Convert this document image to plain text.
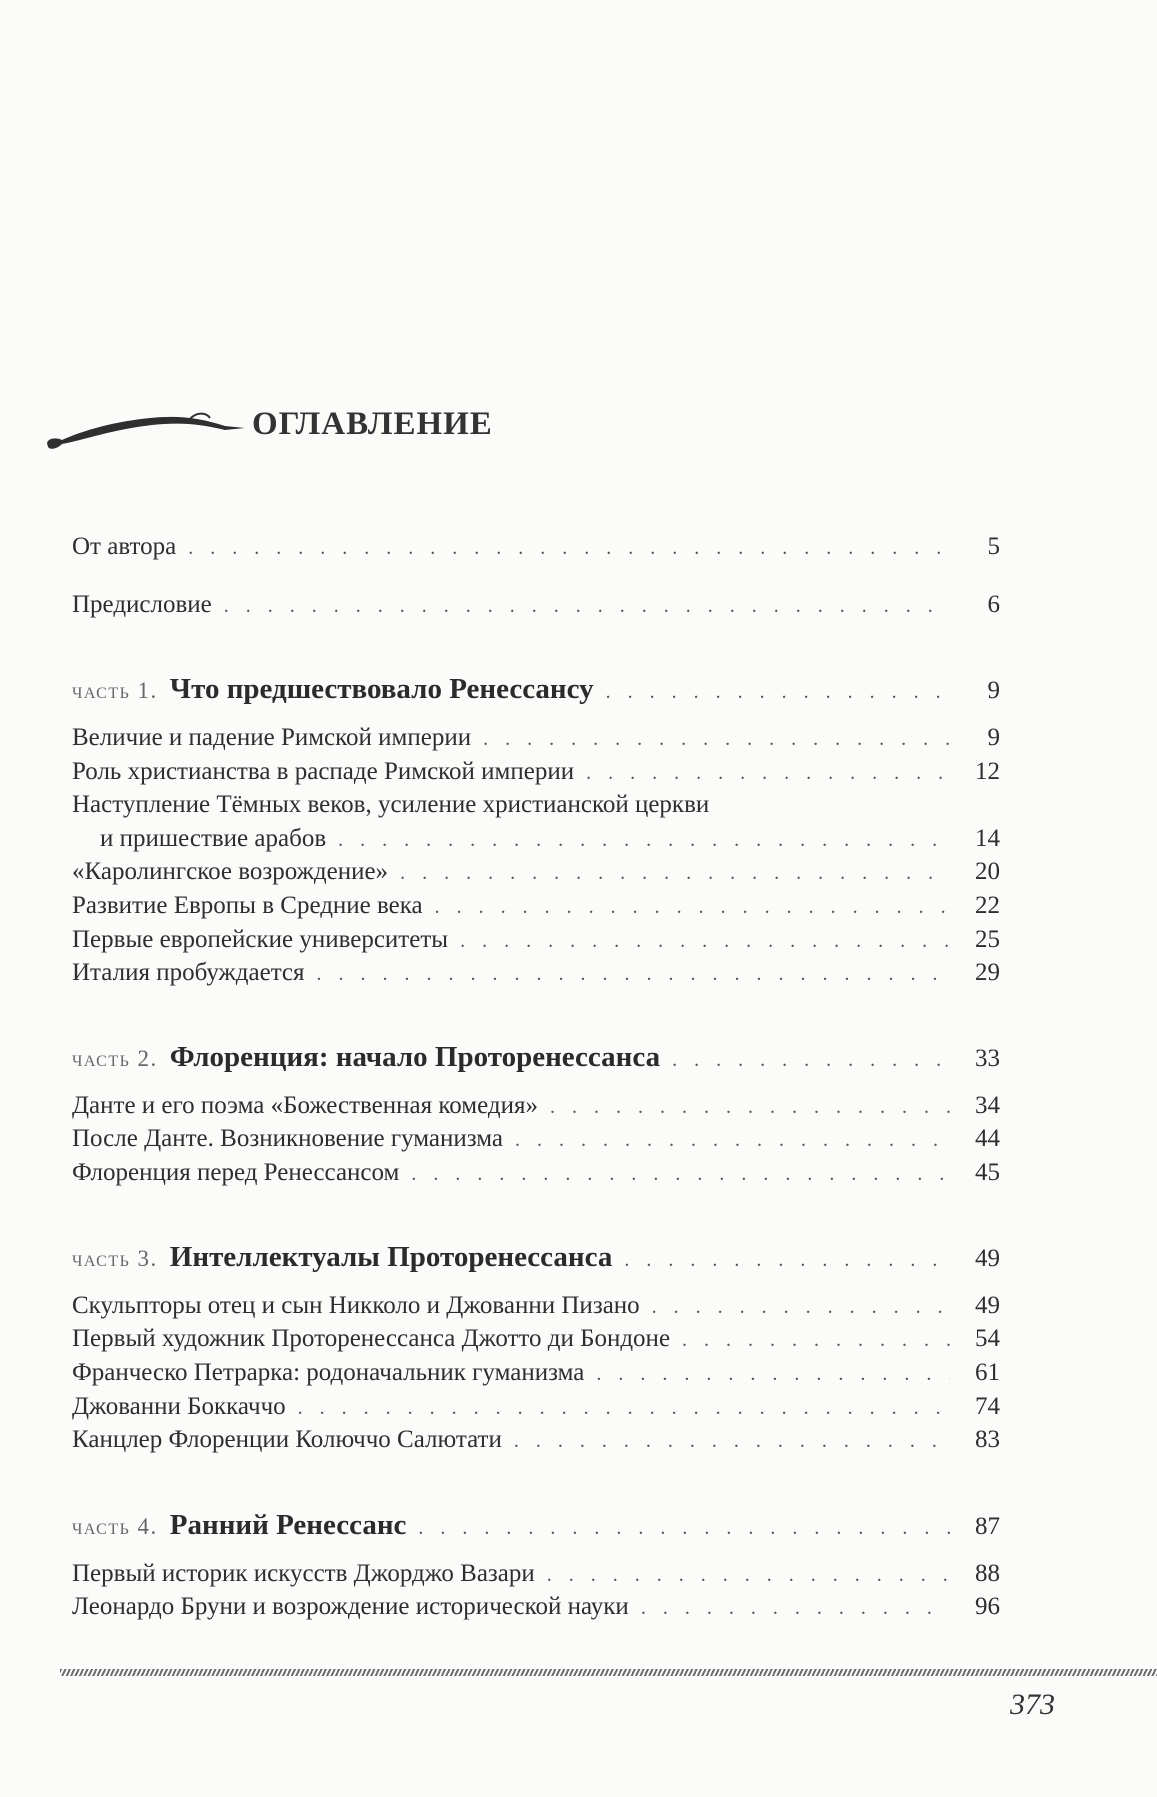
ОГЛАВЛЕНИЕ
От автора . . .	5
Предисловие . . .	6
часть 1. Что предшествовало Ренессансу . . .	9
Величие и падение Римской империи . . .	9
Роль христианства в распаде Римской империи . . .	12
Наступление Тёмных веков, усиление христианской церкви
и пришествие арабов . . .	14
«Каролингское возрождение» . . .	20
Развитие Европы в Средние века . . .	22
Первые европейские университеты . . .	25
Италия пробуждается . . .	29
часть 2. Флоренция: начало Проторенессанса . . .	33
Данте и его поэма «Божественная комедия» . . .	34
После Данте. Возникновение гуманизма . . .	44
Флоренция перед Ренессансом . . .	45
часть 3. Интеллектуалы Проторенессанса . . .	49
Скульпторы отец и сын Никколо и Джованни Пизано . . .	49
Первый художник Проторенессанса Джотто ди Бондоне . . .	54
Франческо Петрарка: родоначальник гуманизма . . .	61
Джованни Боккаччо . . .	74
Канцлер Флоренции Колюччо Салютати . . .	83
часть 4. Ранний Ренессанс . . .	87
Первый историк искусств Джорджо Вазари . . .	88
Леонардо Бруни и возрождение исторической науки . . .	96
373
